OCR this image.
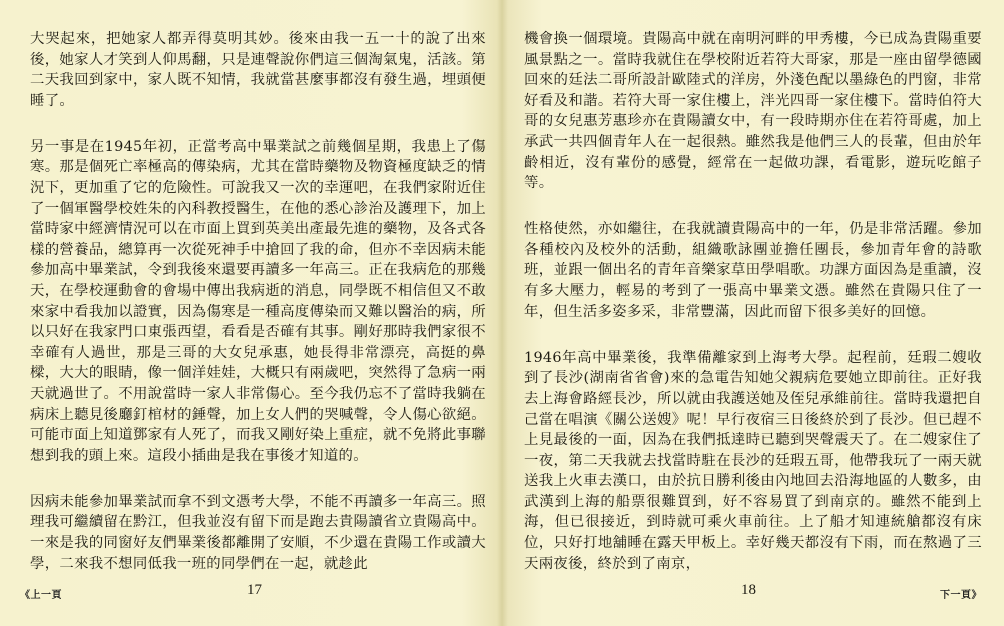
大哭起來，把她家人都弄得莫明其妙。後來由我一五一十的說了出來後，她家人才笑到人仰馬翻，只是連聲說你們這三個淘氣鬼，活該。第二天我回到家中，家人既不知情，我就當甚麼事都沒有發生過，埋頭便睡了。

另一事是在1945年初，正當考高中畢業試之前幾個星期，我患上了傷寒。那是個死亡率極高的傳染病，尤其在當時藥物及物資極度缺乏的情況下，更加重了它的危險性。可說我又一次的幸運吧，在我們家附近住了一個軍醫學校姓朱的內科教授醫生，在他的悉心診治及護理下，加上當時家中經濟情況可以在市面上買到英美出產最先進的藥物，及各式各樣的營養品，總算再一次從死神手中搶回了我的命，但亦不幸因病未能參加高中畢業試，令到我後來還要再讀多一年高三。正在我病危的那幾天，在學校運動會的會場中傳出我病逝的消息，同學既不相信但又不敢來家中看我加以證實，因為傷寒是一種高度傳染而又難以醫治的病，所以只好在我家門口東張西望，看看是否確有其事。剛好那時我們家很不幸確有人過世，那是三哥的大女兒承惠，她長得非常漂亮，高挺的鼻樑，大大的眼睛，像一個洋娃娃，大概只有兩歲吧，突然得了急病一兩天就過世了。不用說當時一家人非常傷心。至今我仍忘不了當時我躺在病床上聽見後廳釘棺材的錘聲，加上女人們的哭喊聲，令人傷心欲絕。可能市面上知道鄧家有人死了，而我又剛好染上重症，就不免將此事聯想到我的頭上來。這段小插曲是我在事後才知道的。

因病未能參加畢業試而拿不到文憑考大學，不能不再讀多一年高三。照理我可繼續留在黔江，但我並沒有留下而是跑去貴陽讀省立貴陽高中。一來是我的同窗好友們畢業後都離開了安順，不少還在貴陽工作或讀大學，二來我不想同低我一班的同學們在一起，就趁此

17

機會換一個環境。貴陽高中就在南明河畔的甲秀樓，今已成為貴陽重要風景點之一。當時我就住在學校附近若符大哥家，那是一座由留學德國回來的廷法二哥所設計歐陸式的洋房，外淺色配以墨綠色的門窗，非常好看及和諧。若符大哥一家住樓上，泮光四哥一家住樓下。當時伯符大哥的女兒惠芳惠珍亦在貴陽讀女中，有一段時期亦住在若符哥處，加上承武一共四個青年人在一起很熱。雖然我是他們三人的長輩，但由於年齡相近，沒有輩份的感覺，經常在一起做功課，看電影，遊玩吃館子等。

性格使然，亦如繼往，在我就讀貴陽高中的一年，仍是非常活躍。參加各種校內及校外的活動，組織歌詠團並擔任團長，參加青年會的詩歌班，並跟一個出名的青年音樂家草田學唱歌。功課方面因為是重讀，沒有多大壓力，輕易的考到了一張高中畢業文憑。雖然在貴陽只住了一年，但生活多姿多采，非常豐滿，因此而留下很多美好的回憶。

1946年高中畢業後，我準備離家到上海考大學。起程前，廷瑕二嫂收到了長沙(湖南省省會)來的急電告知她父親病危要她立即前往。正好我去上海會路經長沙，所以就由我護送她及侄兒承維前往。當時我還把自己當在唱演《關公送嫂》呢！早行夜宿三日後終於到了長沙。但已趕不上見最後的一面，因為在我們抵達時已聽到哭聲震天了。在二嫂家住了一夜，第二天我就去找當時駐在長沙的廷瑕五哥，他帶我玩了一兩天就送我上火車去漢口，由於抗日勝利後由內地回去沿海地區的人數多，由武漢到上海的船票很難買到，好不容易買了到南京的。雖然不能到上海，但已很接近，到時就可乘火車前往。上了船才知連統艙都沒有床位，只好打地舖睡在露天甲板上。幸好幾天都沒有下雨，而在熬過了三天兩夜後，終於到了南京，

18
《上一頁	下一頁》
